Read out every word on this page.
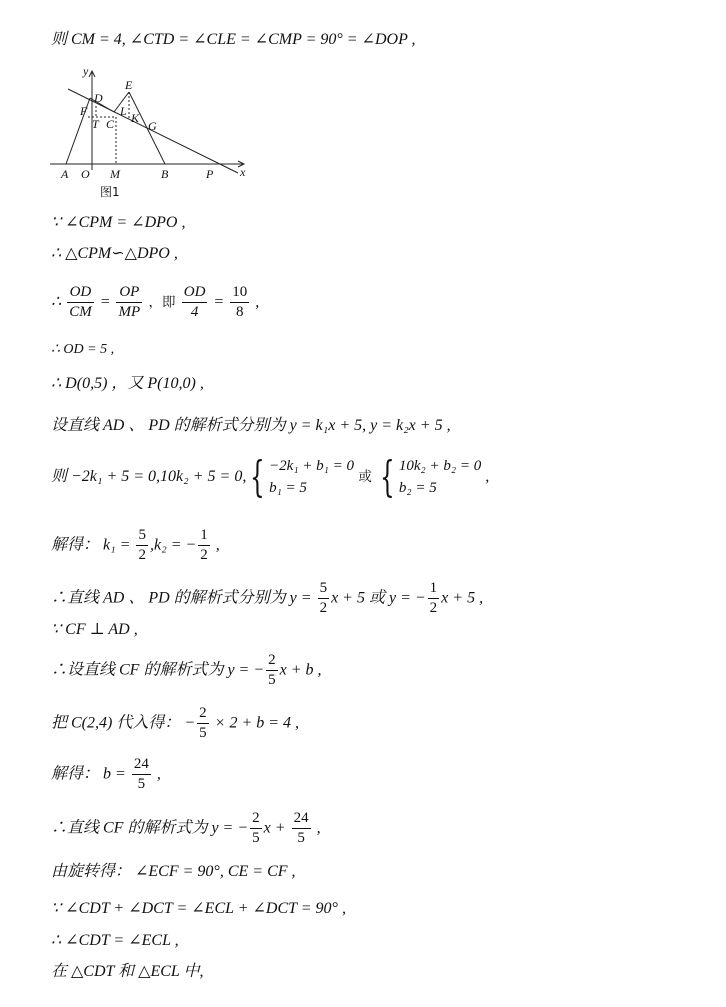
则 CM = 4, ∠CTD = ∠CLE = ∠CMP = 90° = ∠DOP ,
y
x
E
D
F	L
T C K
G
A O M	B	P
图1
∵ ∠CPM = ∠DPO ,
∴ △CPM∽△DPO ,
∴ $\frac{OD}{CM} = \frac{OP}{MP}$ ，即 $\frac{OD}{4} = \frac{10}{8}$ ,
∴ OD = 5 ,
∴ D(0,5) ，又 P(10,0) ,
设直线 AD 、 PD 的解析式分别为 y = k₁x + 5, y = k₂x + 5 ,
则 −2k₁ + 5 = 0,10k₂ + 5 = 0,{ −2k₁ + b₁ = 0
b₁ = 5
或 { 10k₂ + b₂ = 0
b₂ = 5
,
解得： $k_1 = \frac{5}{2} ,k_2$ = − $\frac{1}{2}$ ,
∴直线 AD 、 PD 的解析式分别为 $y = \frac{5}{2}$ x + 5 或 y = − $\frac{1}{2}$ x + 5 ,
∵ CF ⊥ AD ,
∴设直线 CF 的解析式为 y = − $\frac{2}{5}$ x + b ,
把 C(2,4) 代入得： − $\frac{2}{5} \times 2 + b = 4$ ,
解得： $b = \frac{24}{5}$ ,
∴直线 CF 的解析式为 y = − $\frac{2}{5}$ $x + \frac{24}{5}$ ,
由旋转得： ∠ECF = 90°, CE = CF ,
∵ ∠CDT + ∠DCT = ∠ECL + ∠DCT = 90° ,
∴ ∠CDT = ∠ECL ,
在 △CDT 和 △ECL 中,
